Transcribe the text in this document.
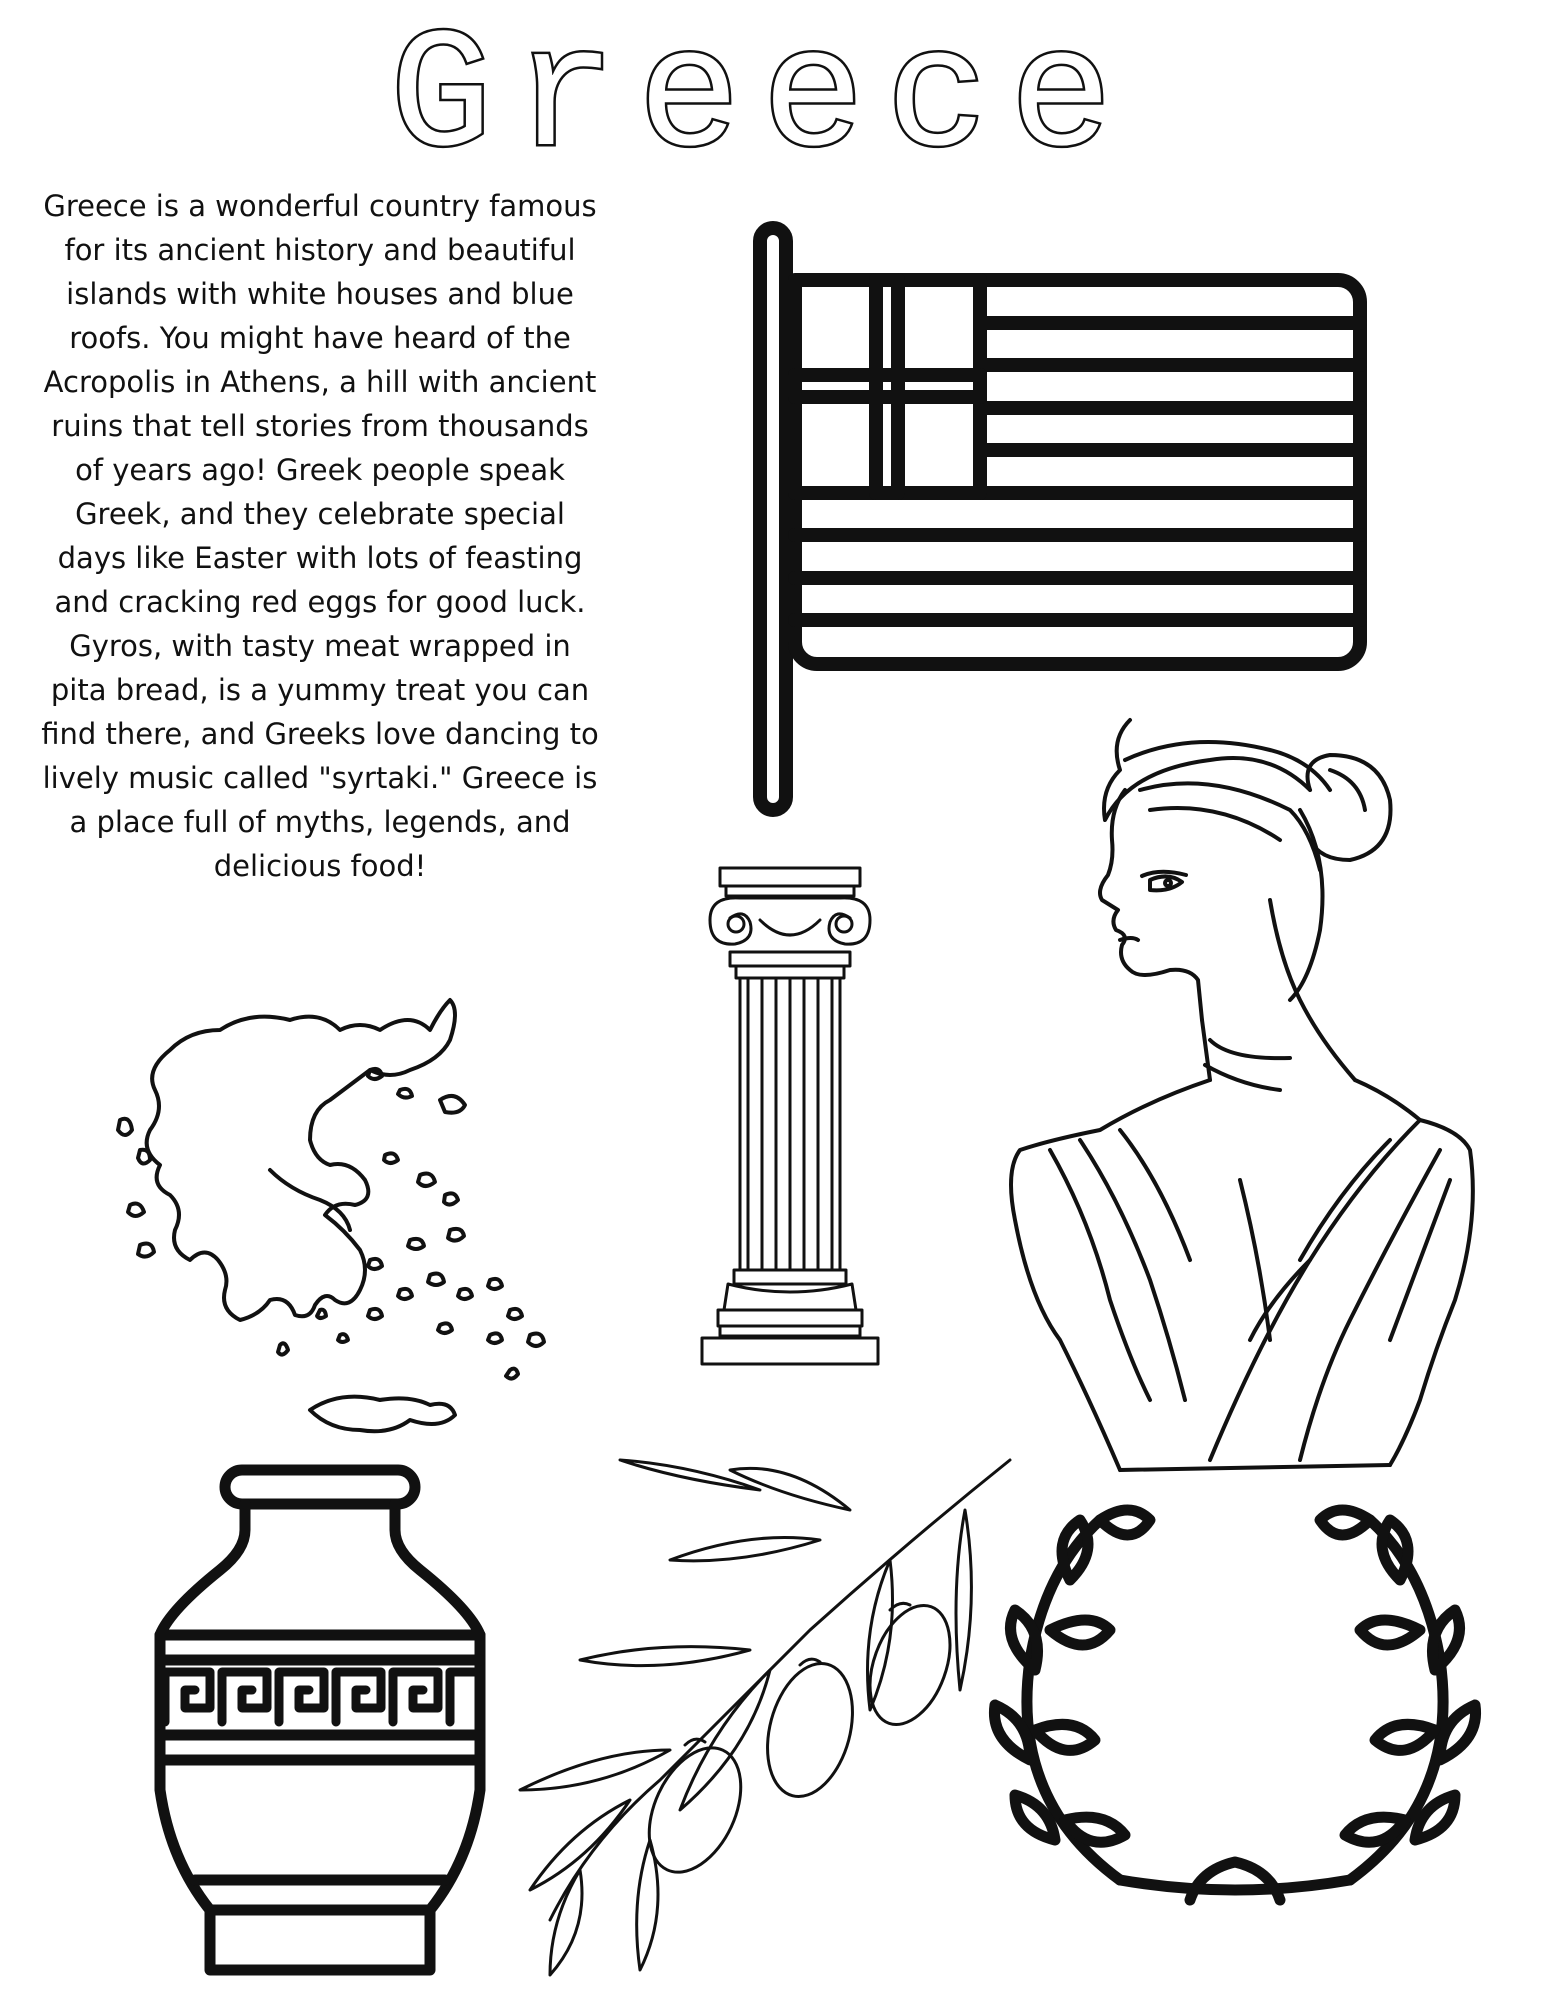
Greece

Greece is a wonderful country famous for its ancient history and beautiful islands with white houses and blue roofs. You might have heard of the Acropolis in Athens, a hill with ancient ruins that tell stories from thousands of years ago! Greek people speak Greek, and they celebrate special days like Easter with lots of feasting and cracking red eggs for good luck. Gyros, with tasty meat wrapped in pita bread, is a yummy treat you can find there, and Greeks love dancing to lively music called "syrtaki." Greece is a place full of myths, legends, and delicious food!
